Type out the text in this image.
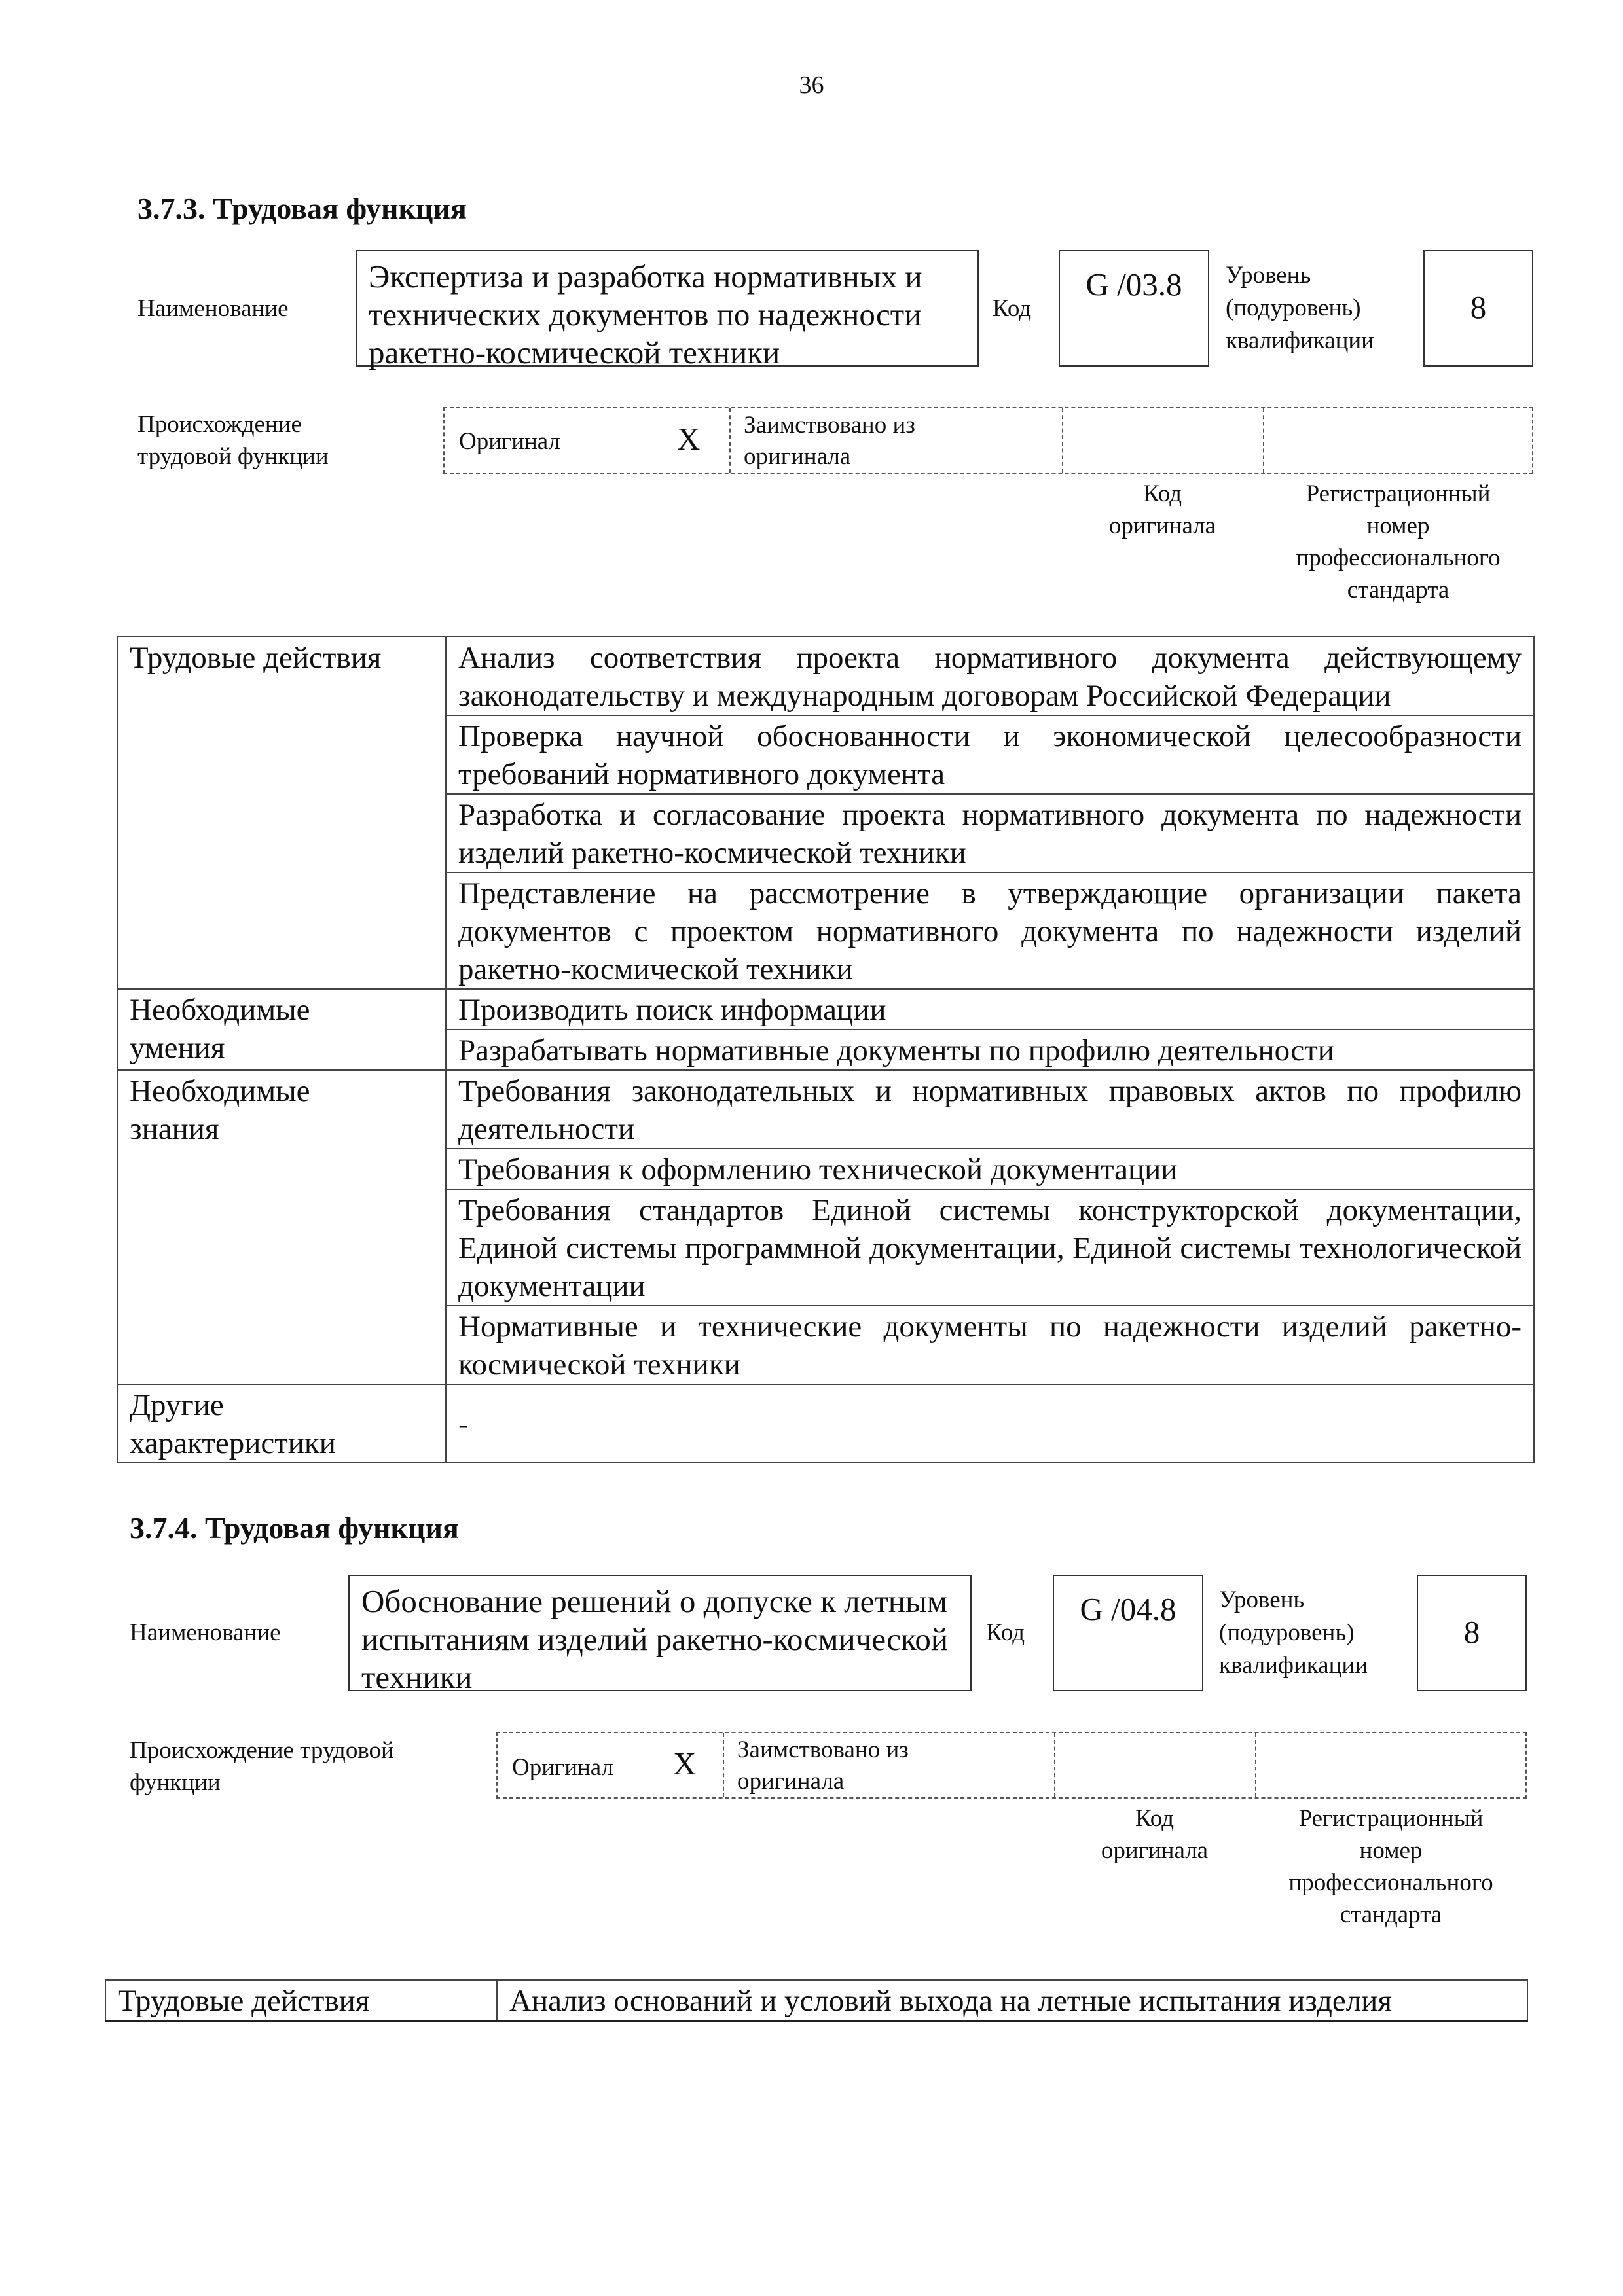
36
3.7.3. Трудовая функция
Наименование
Экспертиза и разработка нормативных и технических документов по надежности ракетно-космической техники
Код
G /03.8	Уровень
(подуровень)
квалификации
8
Происхождение
трудовой функции
Оригинал	X Заимствовано из
оригинала
Код
оригинала
Регистрационный
номер
профессионального
стандарта
Трудовые действия	Анализ соответствия проекта нормативного документа действующему законодательству и международным договорам Российской Федерации
	Проверка научной обоснованности и экономической целесообразности требований нормативного документа
	Разработка и согласование проекта нормативного документа по надежности изделий ракетно-космической техники
	Представление на рассмотрение в утверждающие организации пакета документов с проектом нормативного документа по надежности изделий ракетно-космической техники

Необходимые
умения	Производить поиск информации
	Разрабатывать нормативные документы по профилю деятельности

Необходимые
знания	Требования законодательных и нормативных правовых актов по профилю деятельности
	Требования к оформлению технической документации
	Требования стандартов Единой системы конструкторской документации, Единой системы программной документации, Единой системы технологической документации
	Нормативные и технические документы по надежности изделий ракетно-космической техники

Другие
характеристики	-
3.7.4. Трудовая функция
Наименование
Обоснование решений о допуске к летным испытаниям изделий ракетно-космической техники
Код
G /04.8	Уровень
(подуровень)
квалификации
8
Происхождение трудовой
функции
Оригинал X Заимствовано из
оригинала
Код
оригинала
Регистрационный
номер
профессионального
стандарта
Трудовые действия	Анализ оснований и условий выхода на летные испытания изделия
